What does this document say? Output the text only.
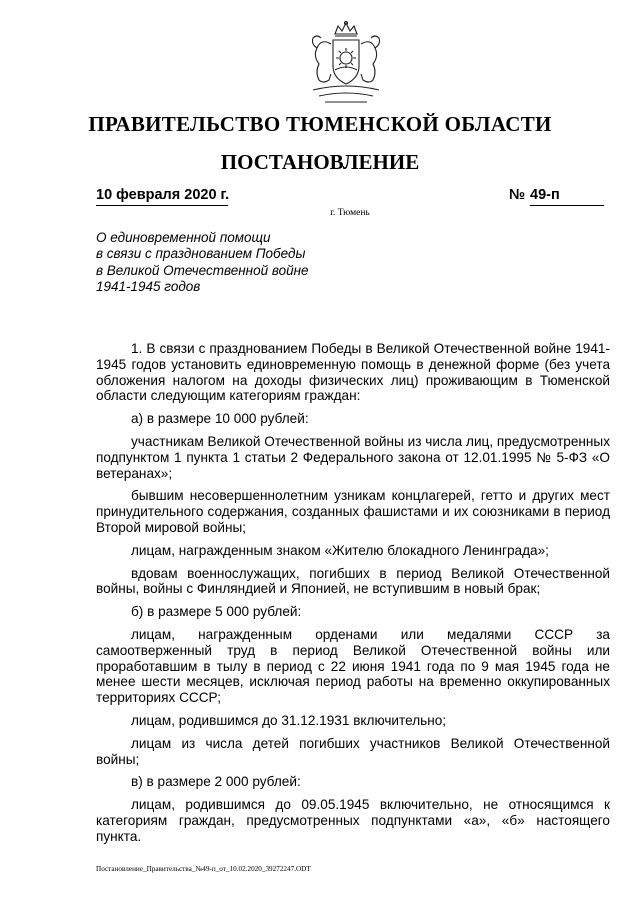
ПРАВИТЕЛЬСТВО ТЮМЕНСКОЙ ОБЛАСТИ
ПОСТАНОВЛЕНИЕ
10 февраля 2020 г.	№ 49-п
г. Тюмень
О единовременной помощи
в связи с празднованием Победы
в Великой Отечественной войне
1941-1945 годов

1. В связи с празднованием Победы в Великой Отечественной войне 1941-1945 годов установить единовременную помощь в денежной форме (без учета обложения налогом на доходы физических лиц) проживающим в Тюменской области следующим категориям граждан:

а) в размере 10 000 рублей:

участникам Великой Отечественной войны из числа лиц, предусмотренных подпунктом 1 пункта 1 статьи 2 Федерального закона от 12.01.1995 № 5-ФЗ «О ветеранах»;

бывшим несовершеннолетним узникам концлагерей, гетто и других мест принудительного содержания, созданных фашистами и их союзниками в период Второй мировой войны;

лицам, награжденным знаком «Жителю блокадного Ленинграда»;

вдовам военнослужащих, погибших в период Великой Отечественной войны, войны с Финляндией и Японией, не вступившим в новый брак;

б) в размере 5 000 рублей:

лицам, награжденным орденами или медалями СССР за самоотверженный труд в период Великой Отечественной войны или проработавшим в тылу в период с 22 июня 1941 года по 9 мая 1945 года не менее шести месяцев, исключая период работы на временно оккупированных территориях СССР;

лицам, родившимся до 31.12.1931 включительно;

лицам из числа детей погибших участников Великой Отечественной войны;

в) в размере 2 000 рублей:

лицам, родившимся до 09.05.1945 включительно, не относящимся к категориям граждан, предусмотренных подпунктами «а», «б» настоящего пункта.

Постановление_Правительства_№49-п_от_10.02.2020_39272247.ODT
